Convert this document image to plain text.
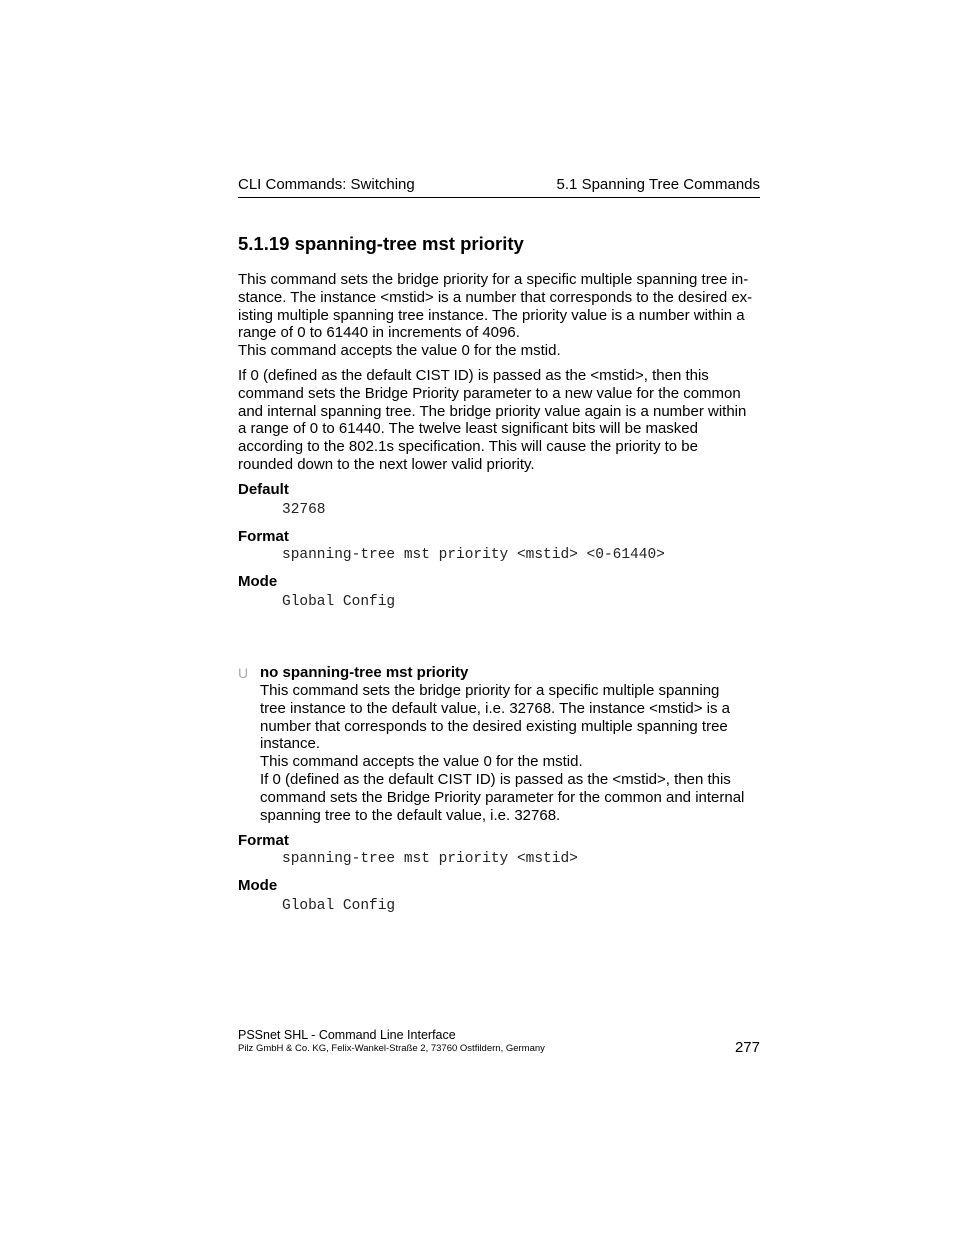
CLI Commands: Switching	5.1 Spanning Tree Commands
5.1.19 spanning-tree mst priority
This command sets the bridge priority for a specific multiple spanning tree in-
stance. The instance <mstid> is a number that corresponds to the desired ex-
isting multiple spanning tree instance. The priority value is a number within a
range of 0 to 61440 in increments of 4096.
This command accepts the value 0 for the mstid.
If 0 (defined as the default CIST ID) is passed as the <mstid>, then this
command sets the Bridge Priority parameter to a new value for the common
and internal spanning tree. The bridge priority value again is a number within
a range of 0 to 61440. The twelve least significant bits will be masked
according to the 802.1s specification. This will cause the priority to be
rounded down to the next lower valid priority.
Default
32768
Format
spanning-tree mst priority <mstid> <0-61440>
Mode
Global Config
U no spanning-tree mst priority
This command sets the bridge priority for a specific multiple spanning
tree instance to the default value, i.e. 32768. The instance <mstid> is a
number that corresponds to the desired existing multiple spanning tree
instance.
This command accepts the value 0 for the mstid.
If 0 (defined as the default CIST ID) is passed as the <mstid>, then this
command sets the Bridge Priority parameter for the common and internal
spanning tree to the default value, i.e. 32768.
Format
spanning-tree mst priority <mstid>
Mode
Global Config
PSSnet SHL - Command Line Interface
Pilz GmbH & Co. KG, Felix-Wankel-Straße 2, 73760 Ostfildern, Germany	277
